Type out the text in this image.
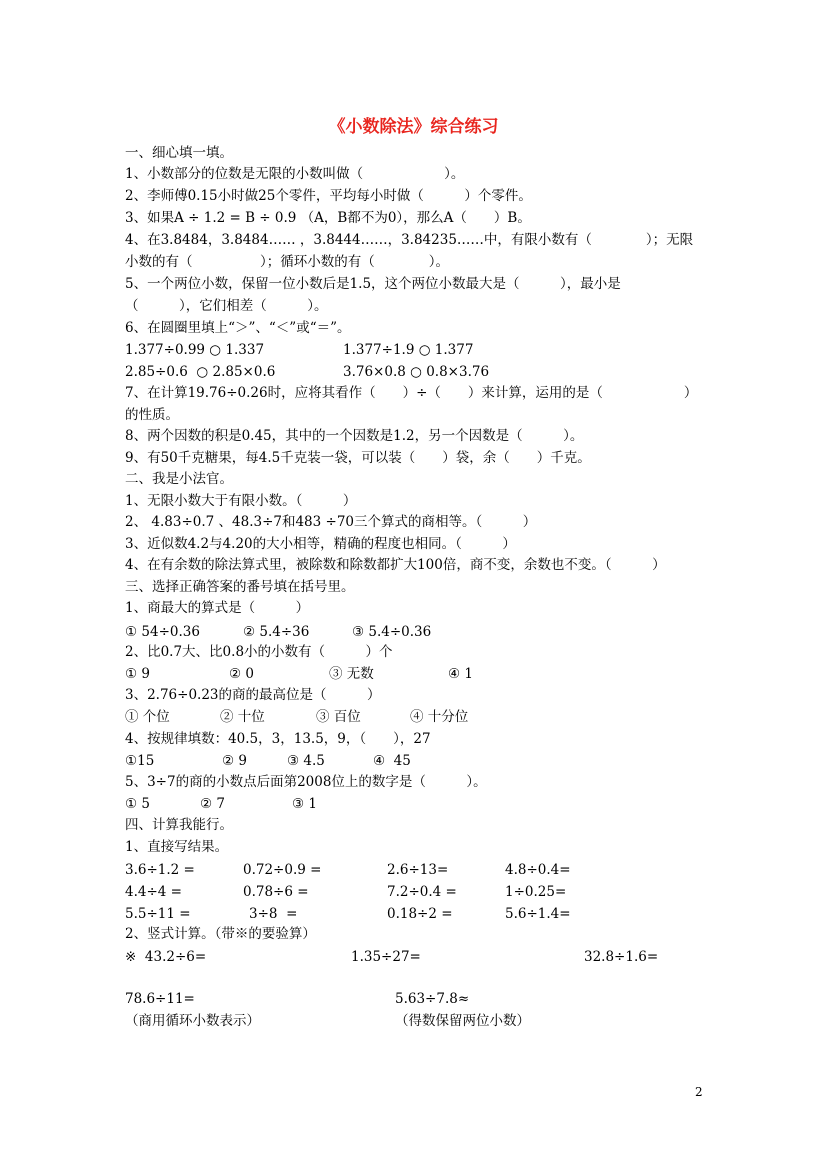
《小数除法》综合练习
一、细心填一填。
1、小数部分的位数是无限的小数叫做（　　　　　　）。
2、李师傅0.15小时做25个零件，平均每小时做（　　　）个零件。
3、如果A ÷ 1.2 = B ÷ 0.9 （A，B都不为0），那么A（　　）B。
4、在3.8484，3.8484…… ，3.8444……，3.84235……中，有限小数有（　　　　）；无限
小数的有（　　　　　）；循环小数的有（　　　　）。
5、一个两位小数，保留一位小数后是1.5，这个两位小数最大是（　　　），最小是
（　　　），它们相差（　　　）。
6、在圆圈里填上“＞”、“＜”或“＝”。
1.377÷0.99 ○ 1.337	1.377÷1.9 ○ 1.377
2.85÷0.6  ○ 2.85×0.6	3.76×0.8 ○ 0.8×3.76
7、在计算19.76÷0.26时，应将其看作（　　）÷（　　）来计算，运用的是（　　　　　　）
的性质。
8、两个因数的积是0.45，其中的一个因数是1.2，另一个因数是（　　　）。
9、有50千克糖果，每4.5千克装一袋，可以装（　　）袋，余（　　）千克。
二、我是小法官。
1、无限小数大于有限小数。（　　　）
2、 4.83÷0.7 、48.3÷7和483 ÷70三个算式的商相等。（　　　）
3、近似数4.2与4.20的大小相等，精确的程度也相同。（　　　）
4、在有余数的除法算式里，被除数和除数都扩大100倍，商不变，余数也不变。（　　　）
三、选择正确答案的番号填在括号里。
1、商最大的算式是（　　　）
① 54÷0.36	② 5.4÷36	③ 5.4÷0.36
2、比0.7大、比0.8小的小数有（　　　）个
① 9	② 0	③ 无数	④ 1
3、2.76÷0.23的商的最高位是（　　　）
① 个位	② 十位	③ 百位	④ 十分位
4、按规律填数：40.5，3，13.5，9，（　　），27
①15	② 9	③ 4.5	④  45
5、3÷7的商的小数点后面第2008位上的数字是（　　　）。
① 5	② 7	③ 1
四、计算我能行。
1、直接写结果。
3.6÷1.2 =	0.72÷0.9 =	2.6÷13=	4.8÷0.4=
4.4÷4 =	0.78÷6 =	7.2÷0.4 =	1÷0.25=
5.5÷11 =	3÷8  =	0.18÷2 =	5.6÷1.4=
2、竖式计算。（带※的要验算）
※  43.2÷6=	1.35÷27=	32.8÷1.6=
78.6÷11=	5.63÷7.8≈
（商用循环小数表示）	（得数保留两位小数）
2
